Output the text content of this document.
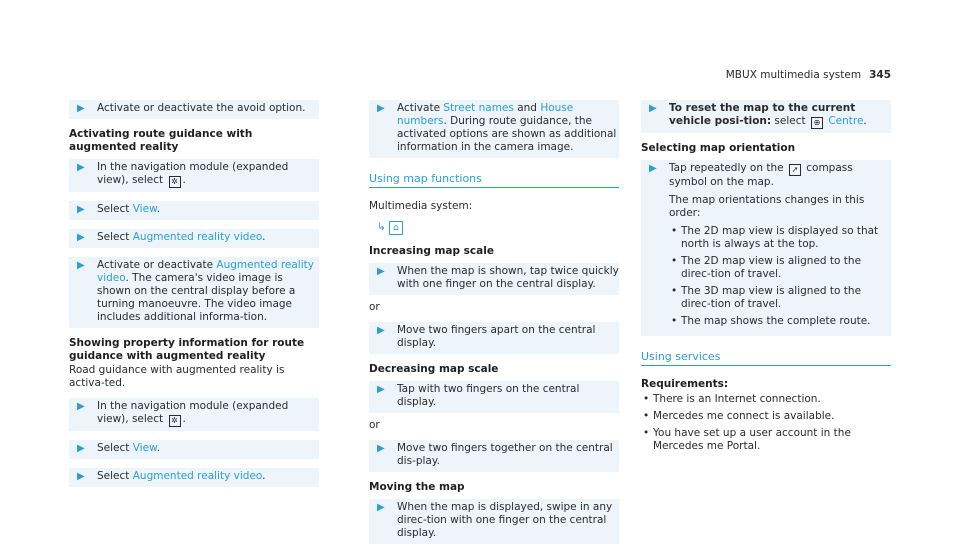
MBUX multimedia system 345
▶ Activate or deactivate the avoid option.
Activating route guidance with augmented reality
▶ In the navigation module (expanded view), select ✲ .
▶ Select View.
▶ Select Augmented reality video.
▶ Activate or deactivate Augmented reality video. The camera's video image is shown on the central display before a turning manoeuvre. The video image includes additional informa-tion.
Showing property information for route guidance with augmented reality
Road guidance with augmented reality is activa-ted.
▶ In the navigation module (expanded view), select ✲ .
▶ Select View.
▶ Select Augmented reality video.
▶ Activate Street names and House numbers. During route guidance, the activated options are shown as additional information in the camera image.
Using map functions
Multimedia system:
↳ ⌂
Increasing map scale
▶ When the map is shown, tap twice quickly with one finger on the central display.
or
▶ Move two fingers apart on the central display.
Decreasing map scale
▶ Tap with two fingers on the central display.
or
▶ Move two fingers together on the central dis-play.
Moving the map
▶ When the map is displayed, swipe in any direc-tion with one finger on the central display.
▶ To reset the map to the current vehicle posi-tion: select ⊕ Centre.
Selecting map orientation
▶ Tap repeatedly on the ➚ compass symbol on the map.
The map orientations changes in this order:
• The 2D map view is displayed so that north is always at the top.
• The 2D map view is aligned to the direc-tion of travel.
• The 3D map view is aligned to the direc-tion of travel.
• The map shows the complete route.
Using services
Requirements:
• There is an Internet connection.
• Mercedes me connect is available.
• You have set up a user account in the Mercedes me Portal.
